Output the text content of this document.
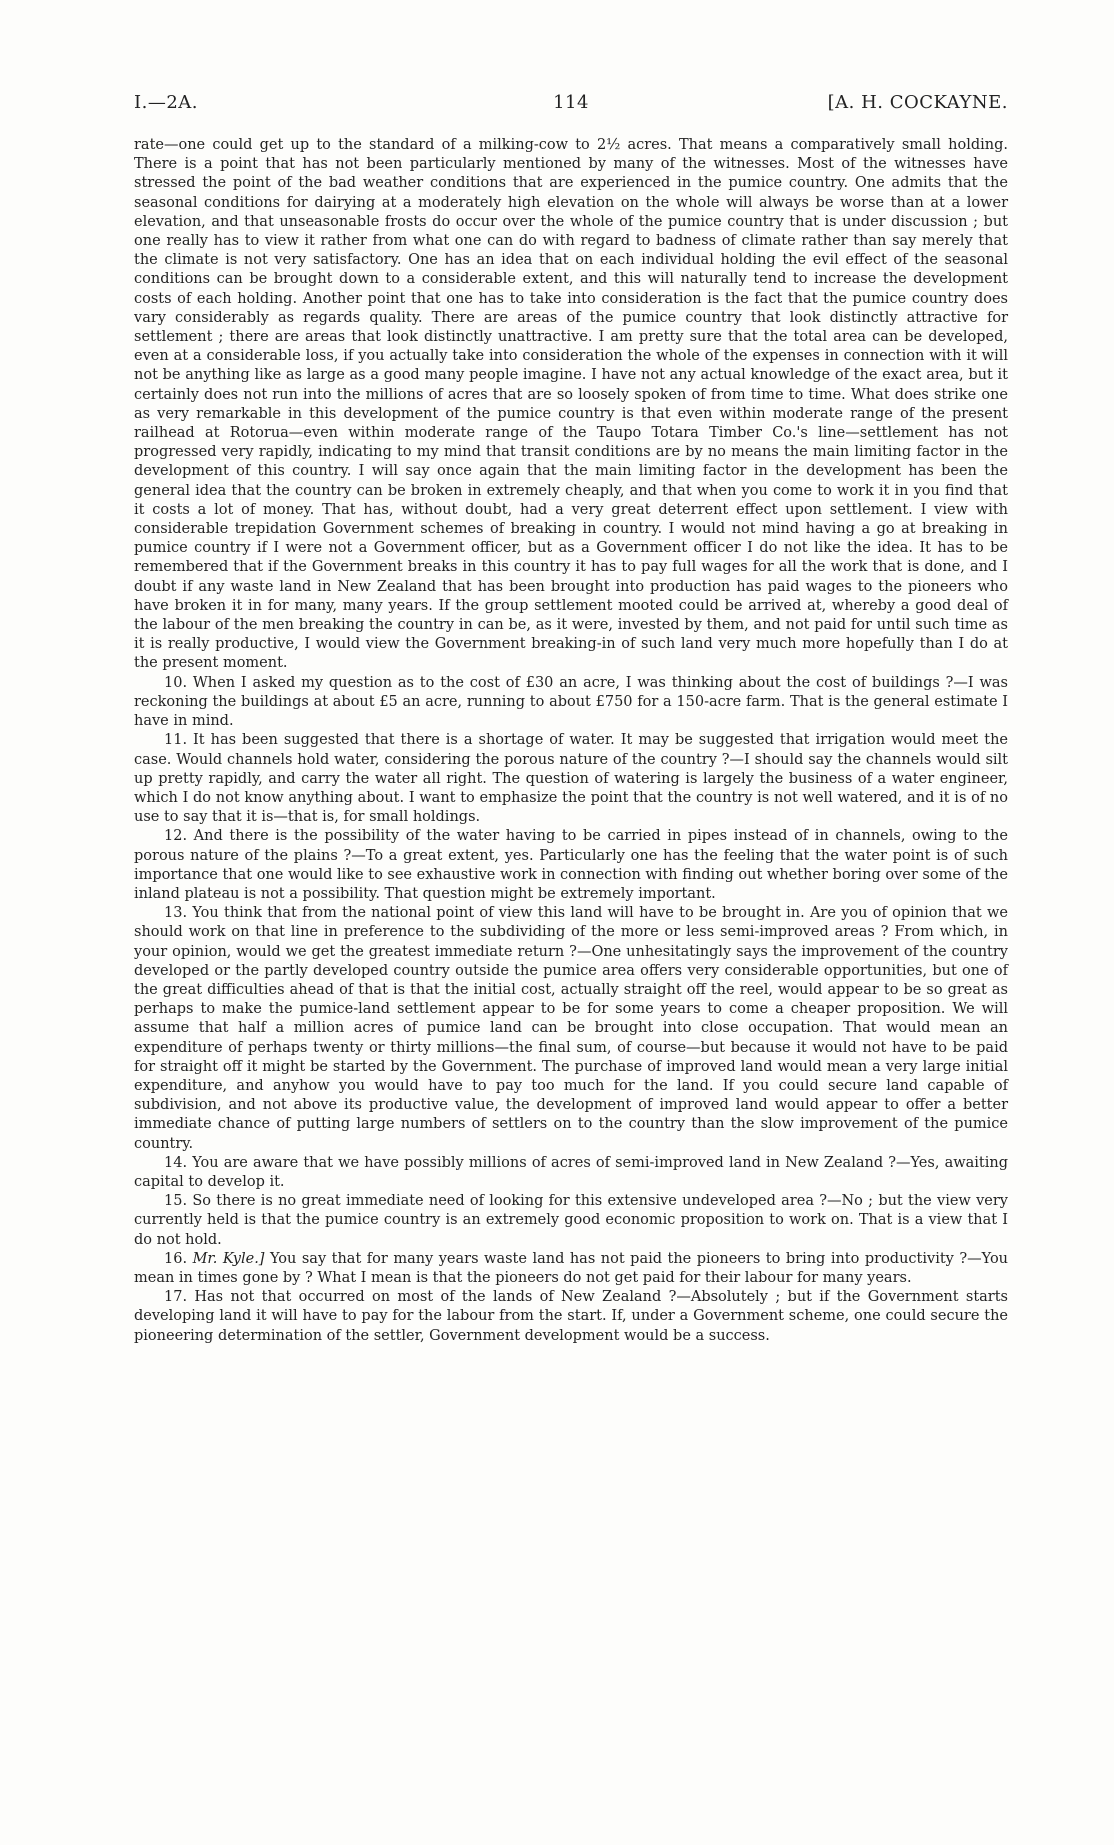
I.—2A.	114	[A. H. COCKAYNE.

rate—one could get up to the standard of a milking-cow to 2½ acres. That means a comparatively small holding. There is a point that has not been particularly mentioned by many of the witnesses. Most of the witnesses have stressed the point of the bad weather conditions that are experienced in the pumice country. One admits that the seasonal conditions for dairying at a moderately high elevation on the whole will always be worse than at a lower elevation, and that unseasonable frosts do occur over the whole of the pumice country that is under discussion ; but one really has to view it rather from what one can do with regard to badness of climate rather than say merely that the climate is not very satisfactory. One has an idea that on each individual holding the evil effect of the seasonal conditions can be brought down to a considerable extent, and this will naturally tend to increase the development costs of each holding. Another point that one has to take into consideration is the fact that the pumice country does vary considerably as regards quality. There are areas of the pumice country that look distinctly attractive for settlement ; there are areas that look distinctly unattractive. I am pretty sure that the total area can be developed, even at a considerable loss, if you actually take into consideration the whole of the expenses in connection with it will not be anything like as large as a good many people imagine. I have not any actual knowledge of the exact area, but it certainly does not run into the millions of acres that are so loosely spoken of from time to time. What does strike one as very remarkable in this development of the pumice country is that even within moderate range of the present railhead at Rotorua—even within moderate range of the Taupo Totara Timber Co.'s line—settlement has not progressed very rapidly, indicating to my mind that transit conditions are by no means the main limiting factor in the development of this country. I will say once again that the main limiting factor in the development has been the general idea that the country can be broken in extremely cheaply, and that when you come to work it in you find that it costs a lot of money. That has, without doubt, had a very great deterrent effect upon settlement. I view with considerable trepidation Government schemes of breaking in country. I would not mind having a go at breaking in pumice country if I were not a Government officer, but as a Government officer I do not like the idea. It has to be remembered that if the Government breaks in this country it has to pay full wages for all the work that is done, and I doubt if any waste land in New Zealand that has been brought into production has paid wages to the pioneers who have broken it in for many, many years. If the group settlement mooted could be arrived at, whereby a good deal of the labour of the men breaking the country in can be, as it were, invested by them, and not paid for until such time as it is really productive, I would view the Government breaking-in of such land very much more hopefully than I do at the present moment.

10. When I asked my question as to the cost of £30 an acre, I was thinking about the cost of buildings ?—I was reckoning the buildings at about £5 an acre, running to about £750 for a 150-acre farm. That is the general estimate I have in mind.

11. It has been suggested that there is a shortage of water. It may be suggested that irrigation would meet the case. Would channels hold water, considering the porous nature of the country ?—I should say the channels would silt up pretty rapidly, and carry the water all right. The question of watering is largely the business of a water engineer, which I do not know anything about. I want to emphasize the point that the country is not well watered, and it is of no use to say that it is—that is, for small holdings.

12. And there is the possibility of the water having to be carried in pipes instead of in channels, owing to the porous nature of the plains ?—To a great extent, yes. Particularly one has the feeling that the water point is of such importance that one would like to see exhaustive work in connection with finding out whether boring over some of the inland plateau is not a possibility. That question might be extremely important.

13. You think that from the national point of view this land will have to be brought in. Are you of opinion that we should work on that line in preference to the subdividing of the more or less semi-improved areas ? From which, in your opinion, would we get the greatest immediate return ?—One unhesitatingly says the improvement of the country developed or the partly developed country outside the pumice area offers very considerable opportunities, but one of the great difficulties ahead of that is that the initial cost, actually straight off the reel, would appear to be so great as perhaps to make the pumice-land settlement appear to be for some years to come a cheaper proposition. We will assume that half a million acres of pumice land can be brought into close occupation. That would mean an expenditure of perhaps twenty or thirty millions—the final sum, of course—but because it would not have to be paid for straight off it might be started by the Government. The purchase of improved land would mean a very large initial expenditure, and anyhow you would have to pay too much for the land. If you could secure land capable of subdivision, and not above its productive value, the development of improved land would appear to offer a better immediate chance of putting large numbers of settlers on to the country than the slow improvement of the pumice country.

14. You are aware that we have possibly millions of acres of semi-improved land in New Zealand ?—Yes, awaiting capital to develop it.

15. So there is no great immediate need of looking for this extensive undeveloped area ?—No ; but the view very currently held is that the pumice country is an extremely good economic proposition to work on. That is a view that I do not hold.

16. Mr. Kyle.] You say that for many years waste land has not paid the pioneers to bring into productivity ?—You mean in times gone by ? What I mean is that the pioneers do not get paid for their labour for many years.

17. Has not that occurred on most of the lands of New Zealand ?—Absolutely ; but if the Government starts developing land it will have to pay for the labour from the start. If, under a Government scheme, one could secure the pioneering determination of the settler, Government development would be a success.
